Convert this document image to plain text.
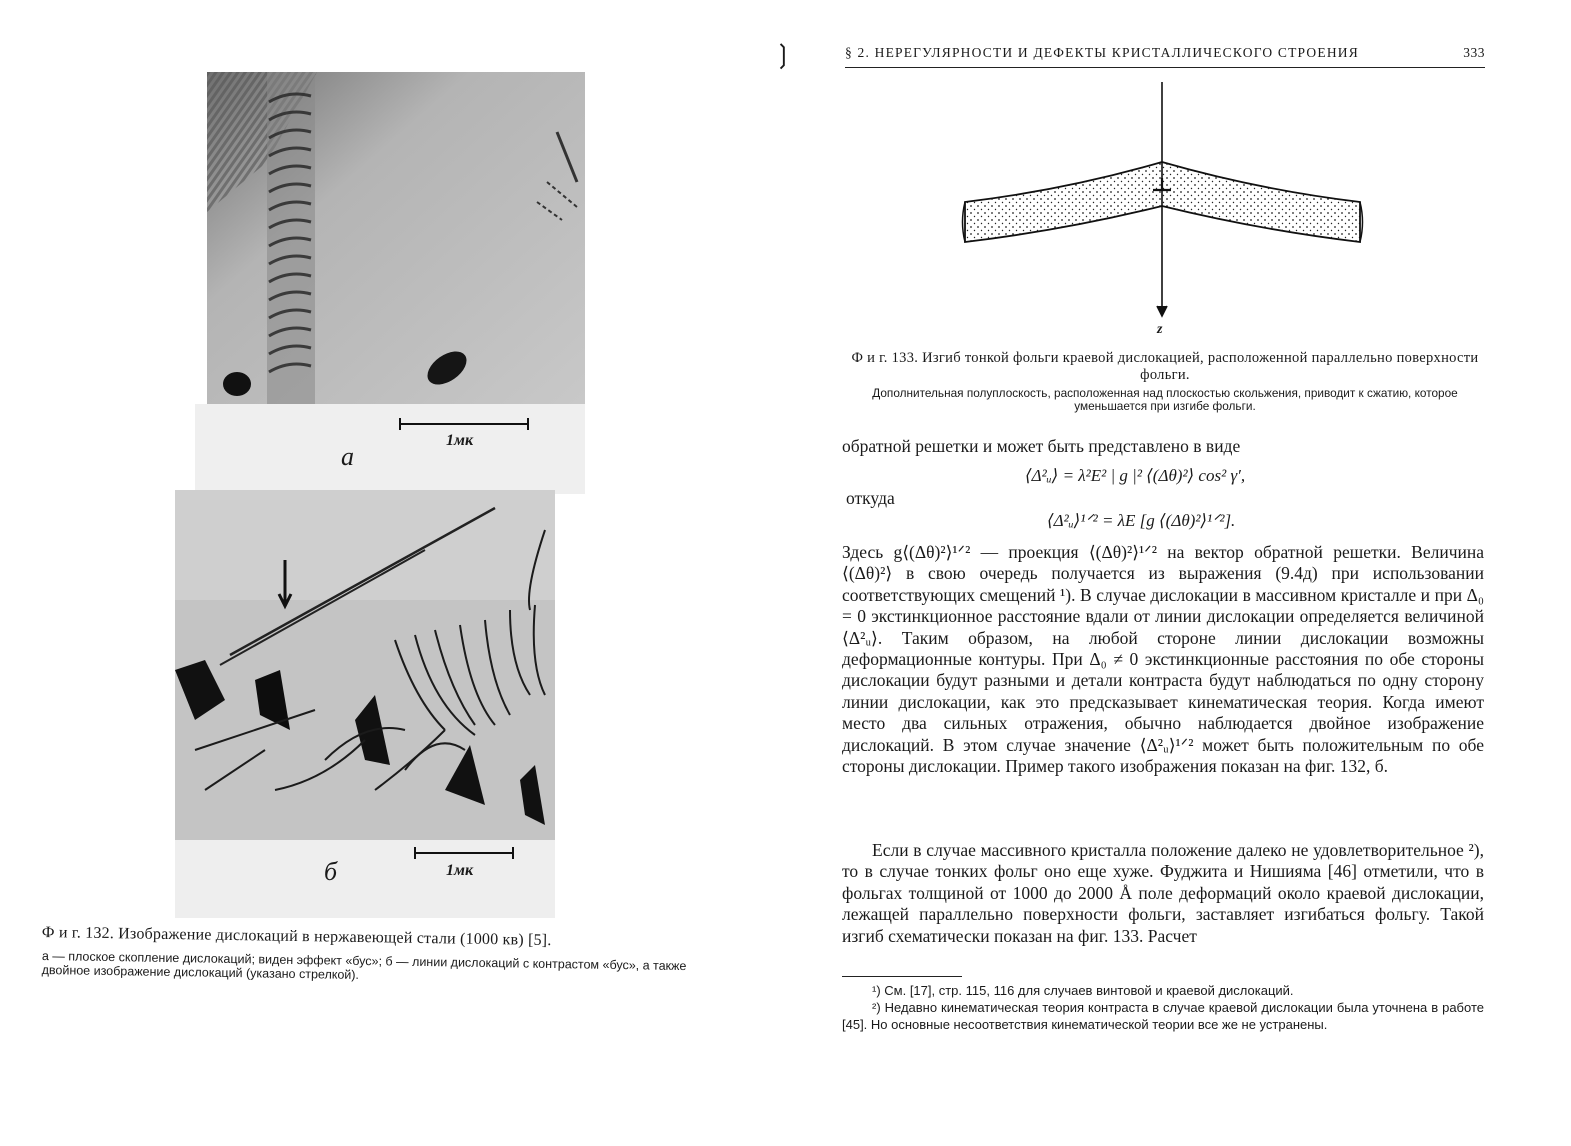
1мк
а
1мк
б
Ф и г. 132. Изображение дислокаций в нержавеющей стали (1000 кв) [5].
а — плоское скопление дислокаций; виден эффект «бус»; б — линии дислокаций с контрастом «бус», а также двойное изображение дислокаций (указано стрелкой).
❳	§ 2. НЕРЕГУЛЯРНОСТИ И ДЕФЕКТЫ КРИСТАЛЛИЧЕСКОГО СТРОЕНИЯ	333
z
Ф и г. 133. Изгиб тонкой фольги краевой дислокацией, расположенной параллельно поверхности фольги.
Дополнительная полуплоскость, расположенная над плоскостью скольжения, приводит к сжатию, которое уменьшается при изгибе фольги.
обратной решетки и может быть представлено в виде
⟨Δ²ᵤ⟩ = λ²E² | g |² ⟨(Δθ)²⟩ cos² γ′,
откуда
⟨Δ²ᵤ⟩¹ᐟ² = λE [g ⟨(Δθ)²⟩¹ᐟ²].
Здесь g⟨(Δθ)²⟩¹ᐟ² — проекция ⟨(Δθ)²⟩¹ᐟ² на вектор обратной решетки. Величина ⟨(Δθ)²⟩ в свою очередь получается из выражения (9.4д) при использовании соответствующих смещений ¹). В случае дислокации в массивном кристалле и при Δ₀ = 0 экстинкционное расстояние вдали от линии дислокации определяется величиной ⟨Δ²ᵤ⟩. Таким образом, на любой стороне линии дислокации возможны деформационные контуры. При Δ₀ ≠ 0 экстинкционные расстояния по обе стороны дислокации будут разными и детали контраста будут наблюдаться по одну сторону линии дислокации, как это предсказывает кинематическая теория. Когда имеют место два сильных отражения, обычно наблюдается двойное изображение дислокаций. В этом случае значение ⟨Δ²ᵤ⟩¹ᐟ² может быть положительным по обе стороны дислокации. Пример такого изображения показан на фиг. 132, б.
Если в случае массивного кристалла положение далеко не удовлетворительное ²), то в случае тонких фольг оно еще хуже. Фуджита и Нишияма [46] отметили, что в фольгах толщиной от 1000 до 2000 Å поле деформаций около краевой дислокации, лежащей параллельно поверхности фольги, заставляет изгибаться фольгу. Такой изгиб схематически показан на фиг. 133. Расчет
¹) См. [17], стр. 115, 116 для случаев винтовой и краевой дислокаций.
²) Недавно кинематическая теория контраста в случае краевой дислокации была уточнена в работе [45]. Но основные несоответствия кинематической теории все же не устранены.
